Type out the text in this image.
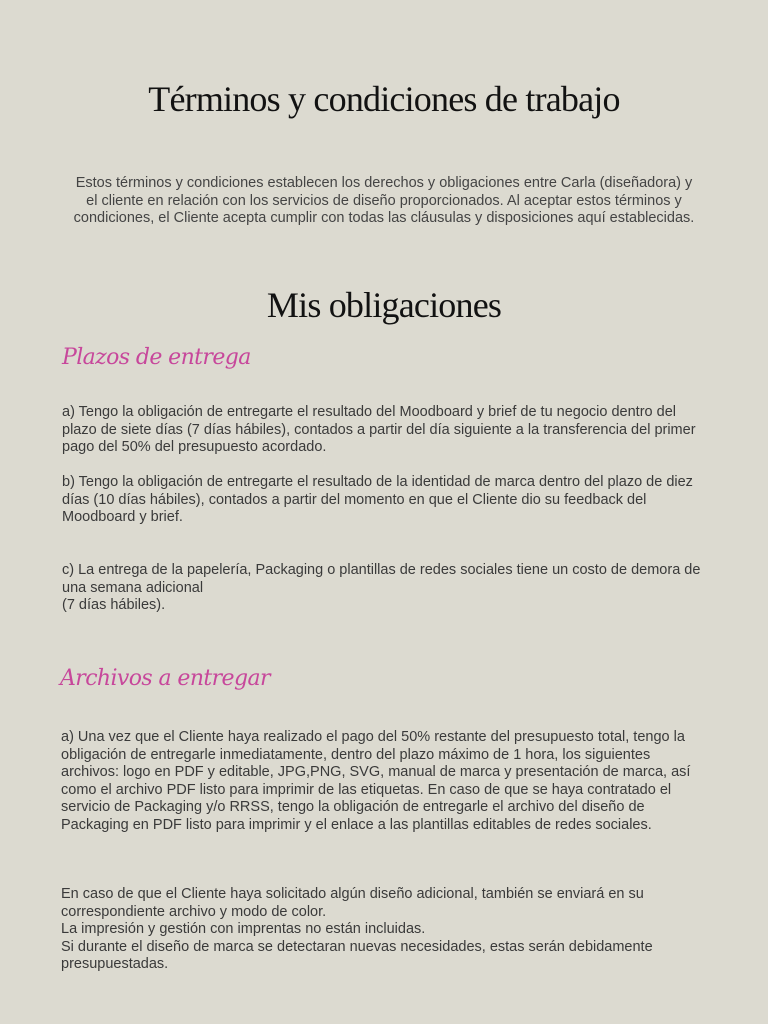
Términos y condiciones de trabajo

Estos términos y condiciones establecen los derechos y obligaciones entre Carla (diseñadora) y el cliente en relación con los servicios de diseño proporcionados. Al aceptar estos términos y condiciones, el Cliente acepta cumplir con todas las cláusulas y disposiciones aquí establecidas.

Mis obligaciones
Plazos de entrega

a) Tengo la obligación de entregarte el resultado del Moodboard y brief de tu negocio dentro del plazo de siete días (7 días hábiles), contados a partir del día siguiente a la transferencia del primer pago del 50% del presupuesto acordado.

b) Tengo la obligación de entregarte el resultado de la identidad de marca dentro del plazo de diez días (10 días hábiles), contados a partir del momento en que el Cliente dio su feedback del
Moodboard y brief.

c) La entrega de la papelería, Packaging o plantillas de redes sociales tiene un costo de demora de una semana adicional
(7 días hábiles).

Archivos a entregar

a) Una vez que el Cliente haya realizado el pago del 50% restante del presupuesto total, tengo la obligación de entregarle inmediatamente, dentro del plazo máximo de 1 hora, los siguientes archivos: logo en PDF y editable, JPG,PNG, SVG, manual de marca y presentación de marca, así como el archivo PDF listo para imprimir de las etiquetas. En caso de que se haya contratado el servicio de Packaging y/o RRSS, tengo la obligación de entregarle el archivo del diseño de Packaging en PDF listo para imprimir y el enlace a las plantillas editables de redes sociales.

En caso de que el Cliente haya solicitado algún diseño adicional, también se enviará en su correspondiente archivo y modo de color.
La impresión y gestión con imprentas no están incluidas.
Si durante el diseño de marca se detectaran nuevas necesidades, estas serán debidamente presupuestadas.
